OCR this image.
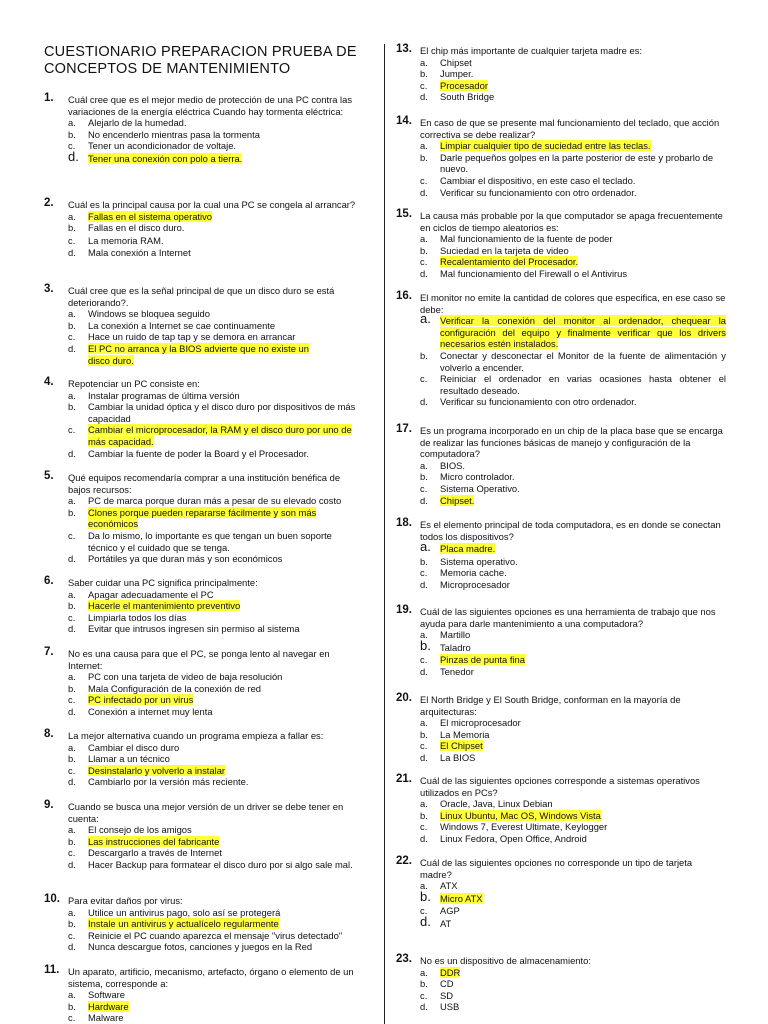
CUESTIONARIO PREPARACION PRUEBA DE CONCEPTOS DE MANTENIMIENTO
1. Cuál cree que es el mejor medio de protección de una PC contra las variaciones de la energía eléctrica Cuando hay tormenta eléctrica:
a. Alejarlo de la humedad.
b. No encenderlo mientras pasa la tormenta
c. Tener un acondicionador de voltaje.
d. Tener una conexión con polo a tierra.
2. Cuál es la principal causa por la cual una PC se congela al arrancar?
a. Fallas en el sistema operativo
b. Fallas en el disco duro.
c. La memoria RAM.
d. Mala conexión a Internet
3. Cuál cree que es la señal principal de que un disco duro se está deteriorando?.
a. Windows se bloquea seguido
b. La conexión a Internet se cae continuamente
c. Hace un ruido de tap tap y se demora en arrancar
d. El PC no arranca y la BIOS advierte que no existe un disco duro.
4. Repotenciar un PC consiste en:
a. Instalar programas de última versión
b. Cambiar la unidad óptica y el disco duro por dispositivos de más capacidad
c. Cambiar el microprocesador, la RAM y el disco duro por uno de más capacidad.
d. Cambiar la fuente de poder la Board y el Procesador.
5. Qué equipos recomendaría comprar a una institución benéfica de bajos recursos:
a. PC de marca porque duran más a pesar de su elevado costo
b. Clones porque pueden repararse fácilmente y son más económicos
c. Da lo mismo, lo importante es que tengan un buen soporte técnico y el cuidado que se tenga.
d. Portátiles ya que duran más y son económicos
6. Saber cuidar una PC significa principalmente:
a. Apagar adecuadamente el PC
b. Hacerle el mantenimiento preventivo
c. Limpiarla todos los días
d. Evitar que intrusos ingresen sin permiso al sistema
7. No es una causa para que el PC, se ponga lento al navegar en Internet:
a. PC con una tarjeta de video de baja resolución
b. Mala Configuración de la conexión de red
c. PC infectado por un virus
d. Conexión a internet muy lenta
8. La mejor alternativa cuando un programa empieza a fallar es:
a. Cambiar el disco duro
b. Llamar a un técnico
c. Desinstalarlo y volverlo a instalar
d. Cambiarlo por la versión más reciente.
9. Cuando se busca una mejor versión de un driver se debe tener en cuenta:
a. El consejo de los amigos
b. Las instrucciones del fabricante
c. Descargarlo a través de Internet
d. Hacer Backup para formatear el disco duro por si algo sale mal.
10. Para evitar daños por virus:
a. Utilice un antivirus pago, solo así se protegerá
b. Instale un antivirus y actualícelo regularmente
c. Reinicie el PC cuando aparezca el mensaje "virus detectado"
d. Nunca descargue fotos, canciones y juegos en la Red
11. Un aparato, artificio, mecanismo, artefacto, órgano o elemento de un sistema, corresponde a:
a. Software
b. Hardware
c. Malware
13. El chip más importante de cualquier tarjeta madre es:
a. Chipset
b. Jumper.
c. Procesador
d. South Bridge
14. En caso de que se presente mal funcionamiento del teclado, que acción correctiva se debe realizar?
a. Limpiar cualquier tipo de suciedad entre las teclas.
b. Darle pequeños golpes en la parte posterior de este y probarlo de nuevo.
c. Cambiar el dispositivo, en este caso el teclado.
d. Verificar su funcionamiento con otro ordenador.
15. La causa más probable por la que computador se apaga frecuentemente en ciclos de tiempo aleatorios es:
a. Mal funcionamiento de la fuente de poder
b. Suciedad en la tarjeta de video
c. Recalentamiento del Procesador.
d. Mal funcionamiento del Firewall o el Antivirus
16. El monitor no emite la cantidad de colores que especifica, en ese caso se debe:
a. Verificar la conexión del monitor al ordenador, chequear la configuración del equipo y finalmente verificar que los drivers necesarios estén instalados.
b. Conectar y desconectar el Monitor de la fuente de alimentación y volverlo a encender.
c. Reiniciar el ordenador en varias ocasiones hasta obtener el resultado deseado.
d. Verificar su funcionamiento con otro ordenador.
17. Es un programa incorporado en un chip de la placa base que se encarga de realizar las funciones básicas de manejo y configuración de la computadora?
a. BIOS.
b. Micro controlador.
c. Sistema Operativo.
d. Chipset.
18. Es el elemento principal de toda computadora, es en donde se conectan todos los dispositivos?
a. Placa madre.
b. Sistema operativo.
c. Memoria cache.
d. Microprocesador
19. Cuál de las siguientes opciones es una herramienta de trabajo que nos ayuda para darle mantenimiento a una computadora?
a. Martillo
b. Taladro
c. Pinzas de punta fina
d. Tenedor
20. El North Bridge y El South Bridge, conforman en la mayoría de arquitecturas:
a. El microprocesador
b. La Memoria
c. El Chipset
d. La BIOS
21. Cuál de las siguientes opciones corresponde a sistemas operativos utilizados en PCs?
a. Oracle, Java, Linux Debian
b. Linux Ubuntu, Mac OS, Windows Vista
c. Windows 7, Everest Ultimate, Keylogger
d. Linux Fedora, Open Office, Android
22. Cuál de las siguientes opciones no corresponde un tipo de tarjeta madre?
a. ATX
b. Micro ATX
c. AGP
d. AT
23. No es un dispositivo de almacenamiento:
a. DDR
b. CD
c. SD
d. USB
